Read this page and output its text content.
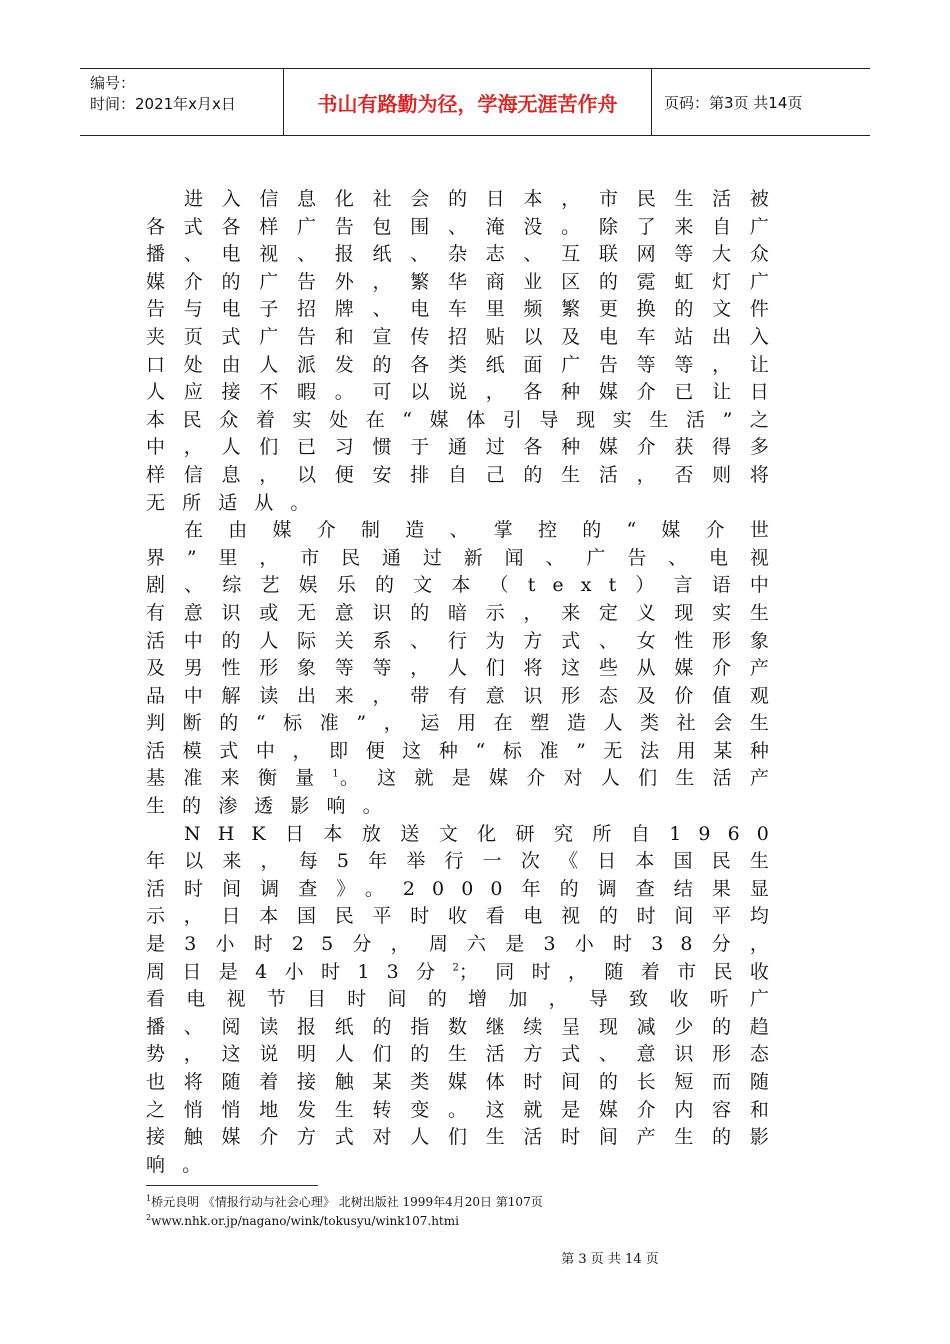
编号：
时间：2021年x月x日	书山有路勤为径，学海无涯苦作舟	页码：第3页 共14页

进入信息化社会的日本，市民生活被各式各样广告包围、淹没。除了来自广播、电视、报纸、杂志、互联网等大众媒介的广告外，繁华商业区的霓虹灯广告与电子招牌、电车里频繁更换的文件夹页式广告和宣传招贴以及电车站出入口处由人派发的各类纸面广告等等，让人应接不暇。可以说，各种媒介已让日本民众着实处在“媒体引导现实生活”之中，人们已习惯于通过各种媒介获得多样信息，以便安排自己的生活，否则将无所适从。

在由媒介制造、掌控的“媒介世界”里，市民通过新闻、广告、电视剧、综艺娱乐的文本（text）言语中有意识或无意识的暗示，来定义现实生活中的人际关系、行为方式、女性形象及男性形象等等，人们将这些从媒介产品中解读出来，带有意识形态及价值观判断的“标准”，运用在塑造人类社会生活模式中，即便这种“标准”无法用某种基准来衡量$^1$。这就是媒介对人们生活产生的渗透影响。

NHK日本放送文化研究所自1960年以来，每5年举行一次《日本国民生活时间调查》。2000年的调查结果显示，日本国民平时收看电视的时间平均是3小时25分，周六是3小时38分，周日是4小时13分$^2$；同时，随着市民收看电视节目时间的增加，导致收听广播、阅读报纸的指数继续呈现减少的趋势，这说明人们的生活方式、意识形态也将随着接触某类媒体时间的长短而随之悄悄地发生转变。这就是媒介内容和接触媒介方式对人们生活时间产生的影响。

$^1$桥元良明 《情报行动与社会心理》 北树出版社 1999年4月20日 第107页
$^2$www.nhk.or.jp/nagano/wink/tokusyu/wink107.htmi
第 3 页 共 14 页
